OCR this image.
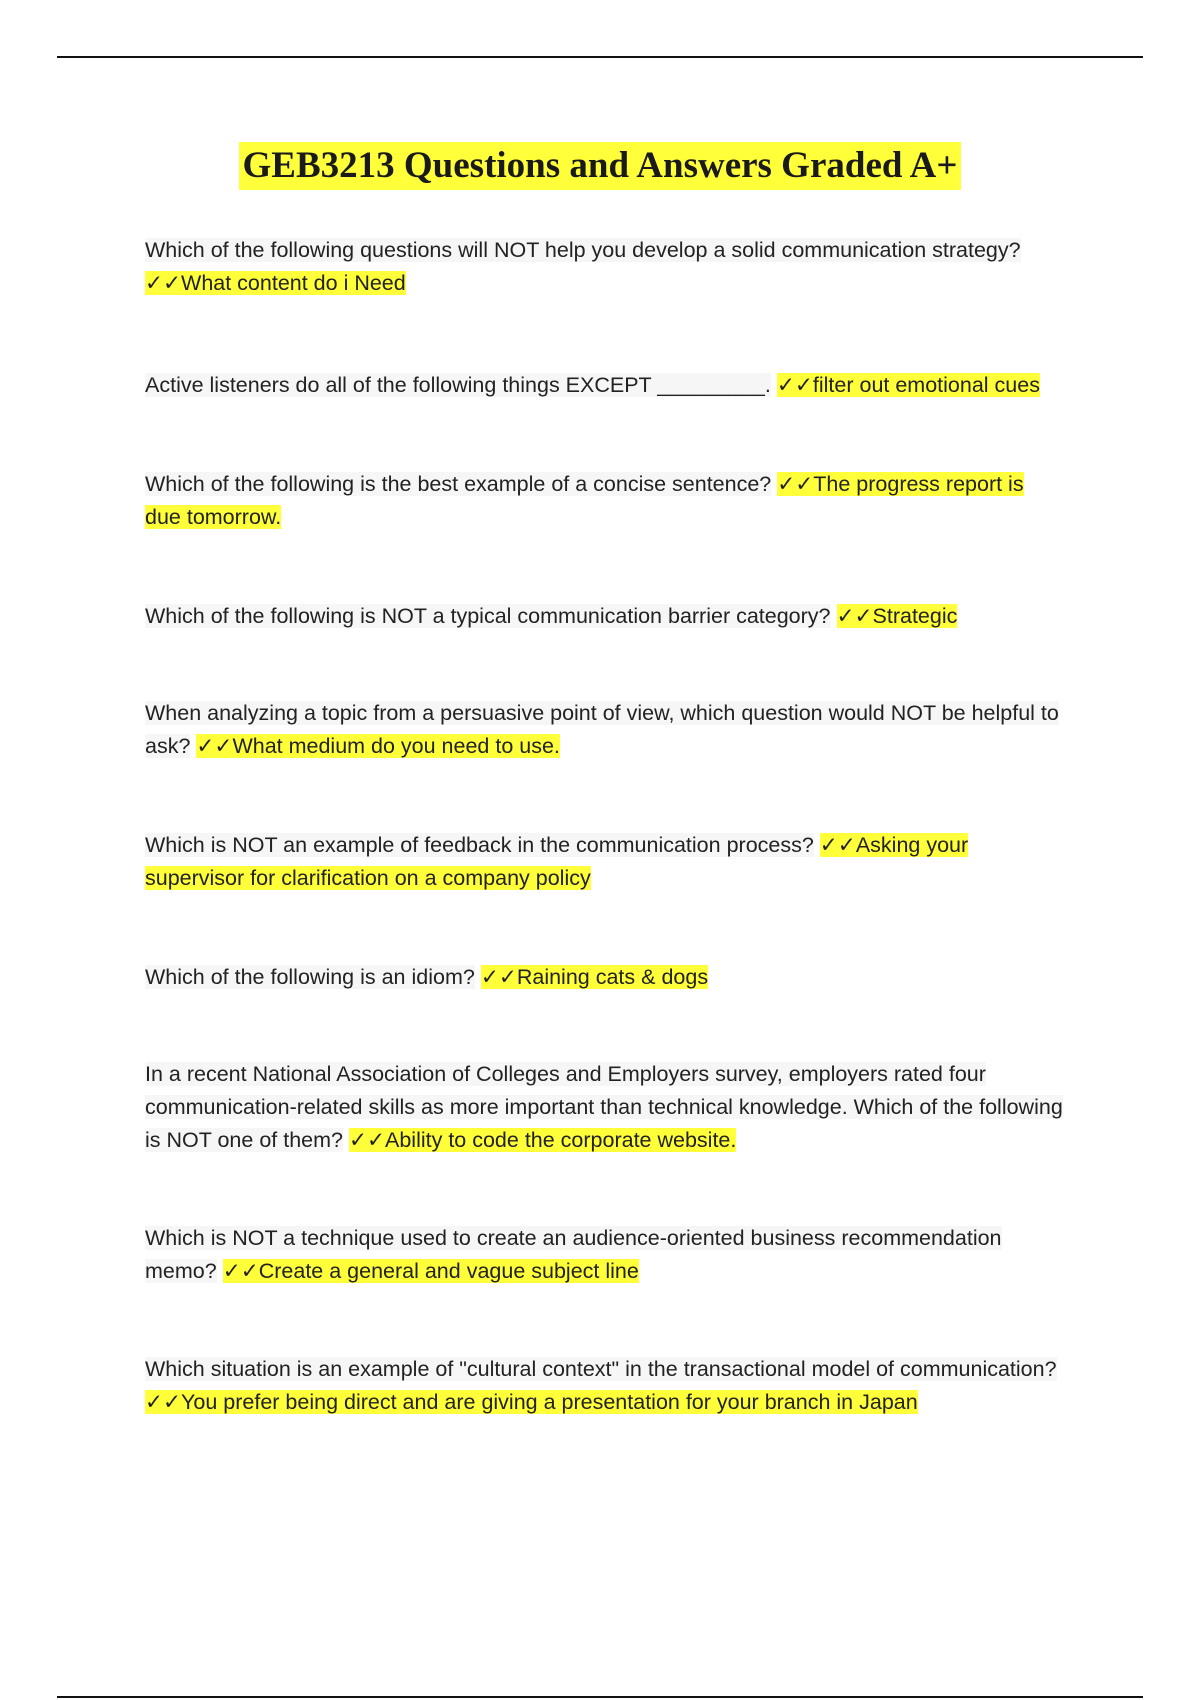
GEB3213 Questions and Answers Graded A+
Which of the following questions will NOT help you develop a solid communication strategy? ✓✓What content do i Need
Active listeners do all of the following things EXCEPT _________. ✓✓filter out emotional cues
Which of the following is the best example of a concise sentence? ✓✓The progress report is due tomorrow.
Which of the following is NOT a typical communication barrier category? ✓✓Strategic
When analyzing a topic from a persuasive point of view, which question would NOT be helpful to ask? ✓✓What medium do you need to use.
Which is NOT an example of feedback in the communication process? ✓✓Asking your supervisor for clarification on a company policy
Which of the following is an idiom? ✓✓Raining cats & dogs
In a recent National Association of Colleges and Employers survey, employers rated four communication-related skills as more important than technical knowledge. Which of the following is NOT one of them? ✓✓Ability to code the corporate website.
Which is NOT a technique used to create an audience-oriented business recommendation memo? ✓✓Create a general and vague subject line
Which situation is an example of "cultural context" in the transactional model of communication? ✓✓You prefer being direct and are giving a presentation for your branch in Japan
